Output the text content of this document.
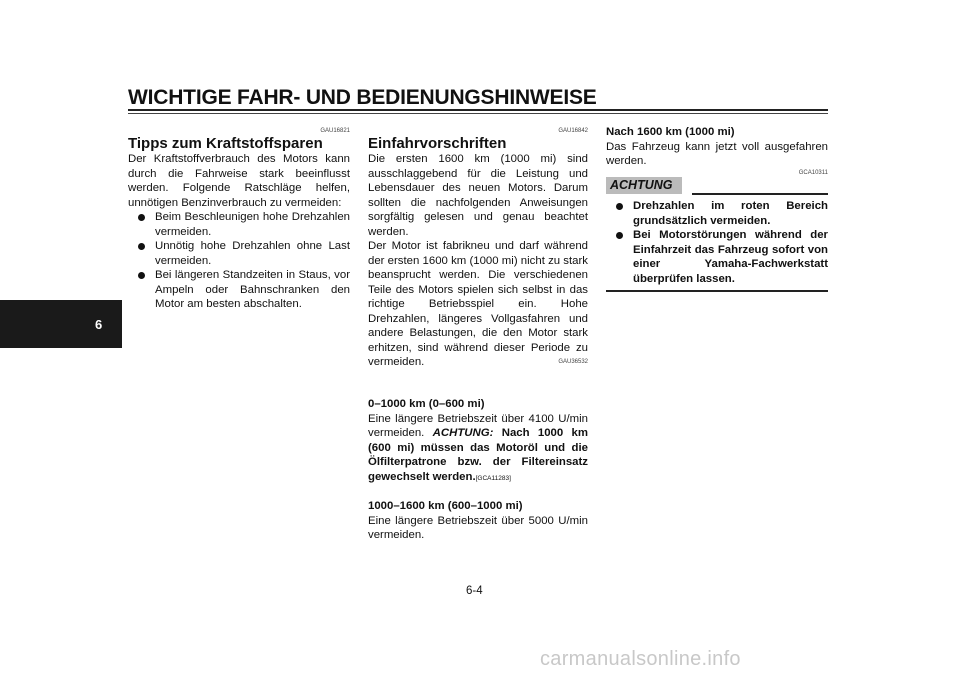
WICHTIGE FAHR- UND BEDIENUNGSHINWEISE
6
GAU16821
Tipps zum Kraftstoffsparen

Der Kraftstoffverbrauch des Motors kann durch die Fahrweise stark beeinflusst werden. Folgende Ratschläge helfen, unnötigen Benzinverbrauch zu vermeiden:

Beim Beschleunigen hohe Drehzahlen vermeiden.
Unnötig hohe Drehzahlen ohne Last vermeiden.
Bei längeren Standzeiten in Staus, vor Ampeln oder Bahnschranken den Motor am besten abschalten.
GAU16842
Einfahrvorschriften

Die ersten 1600 km (1000 mi) sind ausschlaggebend für die Leistung und Lebensdauer des neuen Motors. Darum sollten die nachfolgenden Anweisungen sorgfältig gelesen und genau beachtet werden.

Der Motor ist fabrikneu und darf während der ersten 1600 km (1000 mi) nicht zu stark beansprucht werden. Die verschiedenen Teile des Motors spielen sich selbst in das richtige Betriebsspiel ein. Hohe Drehzahlen, längeres Vollgasfahren und andere Belastungen, die den Motor stark erhitzen, sind während dieser Periode zu vermeiden.	GAU36532

0–1000 km (0–600 mi)

Eine längere Betriebszeit über 4100 U/min vermeiden. ACHTUNG: Nach 1000 km (600 mi) müssen das Motoröl und die Ölfilterpatrone bzw. der Filtereinsatz gewechselt werden.[GCA11283]

1000–1600 km (600–1000 mi)

Eine längere Betriebszeit über 5000 U/min vermeiden.

Nach 1600 km (1000 mi)

Das Fahrzeug kann jetzt voll ausgefahren werden.

GCA10311
ACHTUNG
Drehzahlen im roten Bereich grundsätzlich vermeiden.
Bei Motorstörungen während der Einfahrzeit das Fahrzeug sofort von einer Yamaha-Fachwerkstatt überprüfen lassen.
6-4
carmanualsonline.info
